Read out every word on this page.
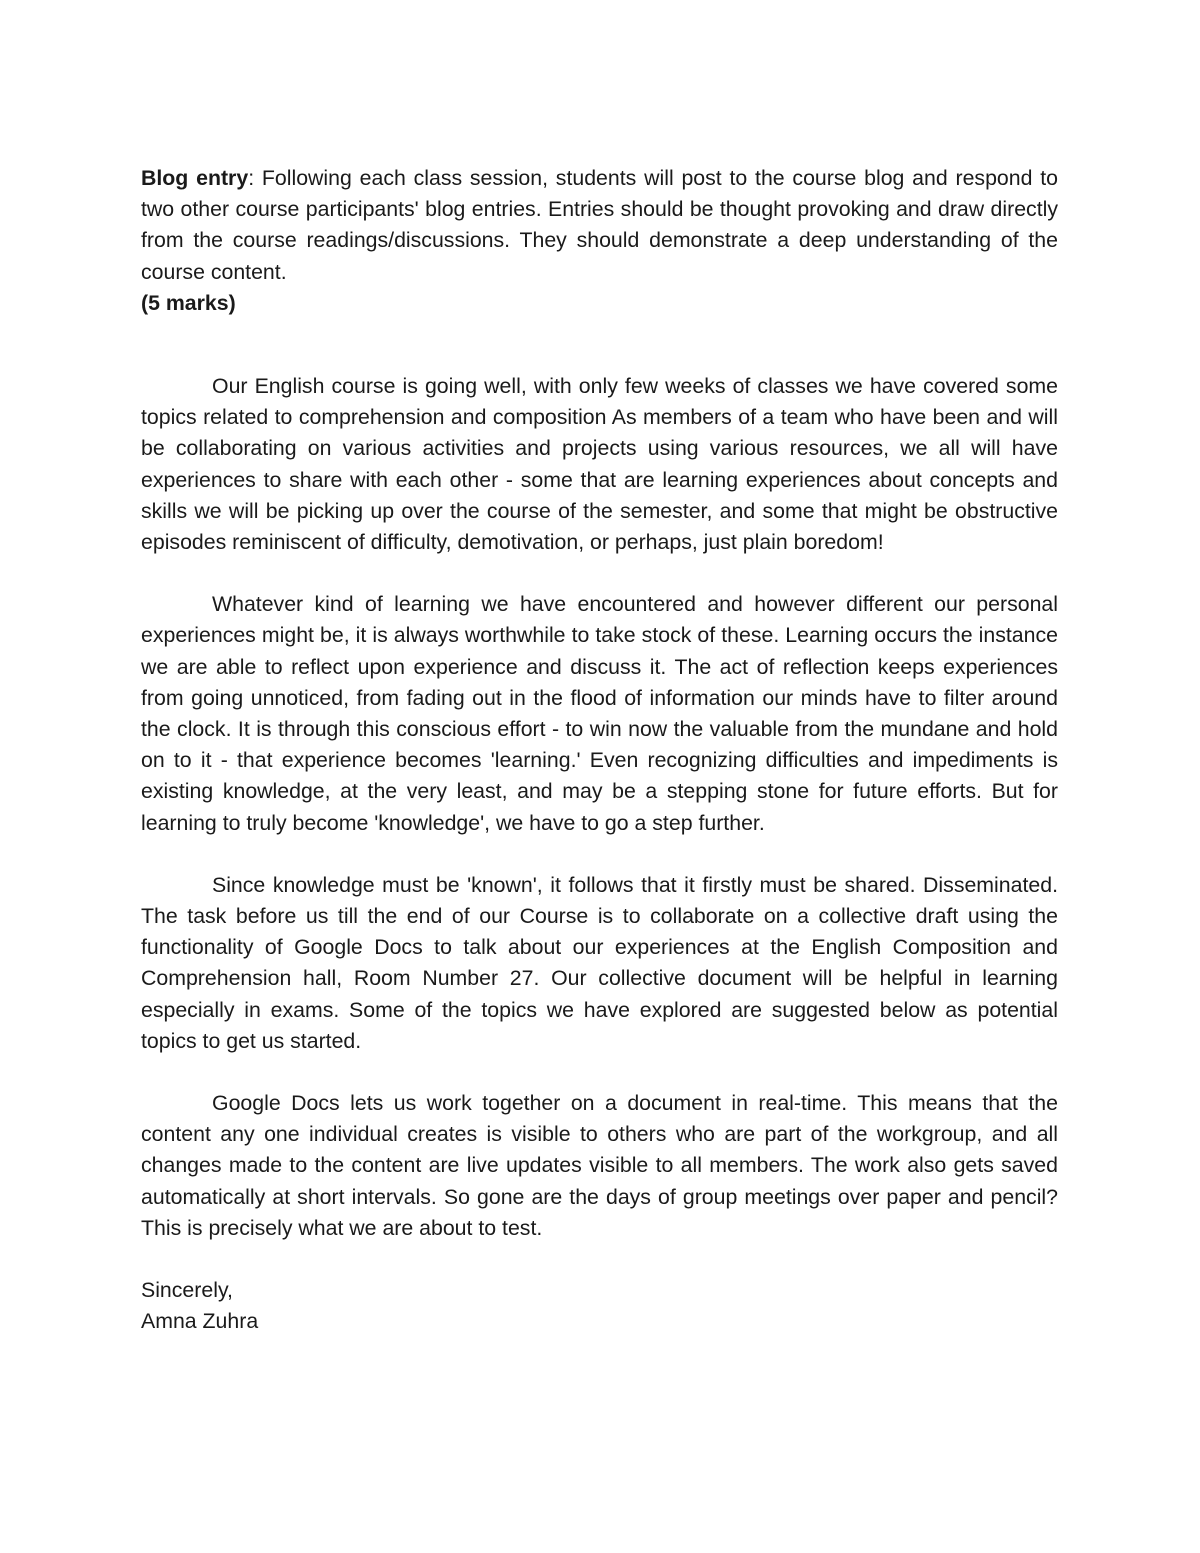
Blog entry: Following each class session, students will post to the course blog and respond to two other course participants' blog entries. Entries should be thought provoking and draw directly from the course readings/discussions. They should demonstrate a deep understanding of the course content.
(5 marks)

Our English course is going well, with only few weeks of classes we have covered some topics related to comprehension and composition As members of a team who have been and will be collaborating on various activities and projects using various resources, we all will have experiences to share with each other - some that are learning experiences about concepts and skills we will be picking up over the course of the semester, and some that might be obstructive episodes reminiscent of difficulty, demotivation, or perhaps, just plain boredom!

Whatever kind of learning we have encountered and however different our personal experiences might be, it is always worthwhile to take stock of these. Learning occurs the instance we are able to reflect upon experience and discuss it. The act of reflection keeps experiences from going unnoticed, from fading out in the flood of information our minds have to filter around the clock. It is through this conscious effort - to win now the valuable from the mundane and hold on to it - that experience becomes 'learning.' Even recognizing difficulties and impediments is existing knowledge, at the very least, and may be a stepping stone for future efforts. But for learning to truly become 'knowledge', we have to go a step further.

Since knowledge must be 'known', it follows that it firstly must be shared. Disseminated. The task before us till the end of our Course is to collaborate on a collective draft using the functionality of Google Docs to talk about our experiences at the English Composition and Comprehension hall, Room Number 27. Our collective document will be helpful in learning especially in exams. Some of the topics we have explored are suggested below as potential topics to get us started.

Google Docs lets us work together on a document in real-time. This means that the content any one individual creates is visible to others who are part of the workgroup, and all changes made to the content are live updates visible to all members. The work also gets saved automatically at short intervals. So gone are the days of group meetings over paper and pencil? This is precisely what we are about to test.

Sincerely,

Amna Zuhra
